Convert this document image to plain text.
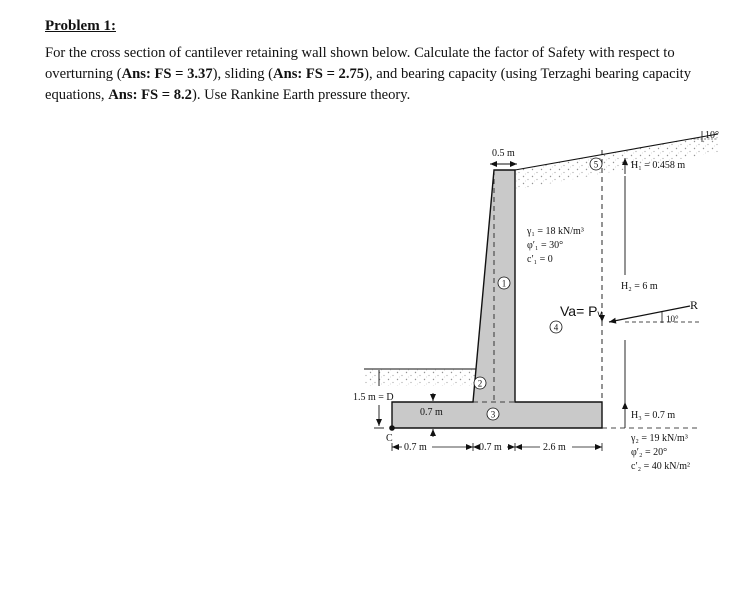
Problem 1:

For the cross section of cantilever retaining wall shown below. Calculate the factor of Safety with respect to overturning (Ans: FS = 3.37), sliding (Ans: FS = 2.75), and bearing capacity (using Terzaghi bearing capacity equations, Ans: FS = 8.2). Use Rankine Earth pressure theory.

10°
0.5 m
1
2
3
4
5
γ₁ = 18 kN/m³
φ′₁ = 30°
c′₁ = 0
Va= Pᵥ
H₁ = 0.458 m
H₂ = 6 m
R
10°
H₃ = 0.7 m
γ₂ = 19 kN/m³
φ′₂ = 20°
c′₂ = 40 kN/m²
1.5 m = D
0.7 m
C
0.7 m	0.7 m	2.6 m
